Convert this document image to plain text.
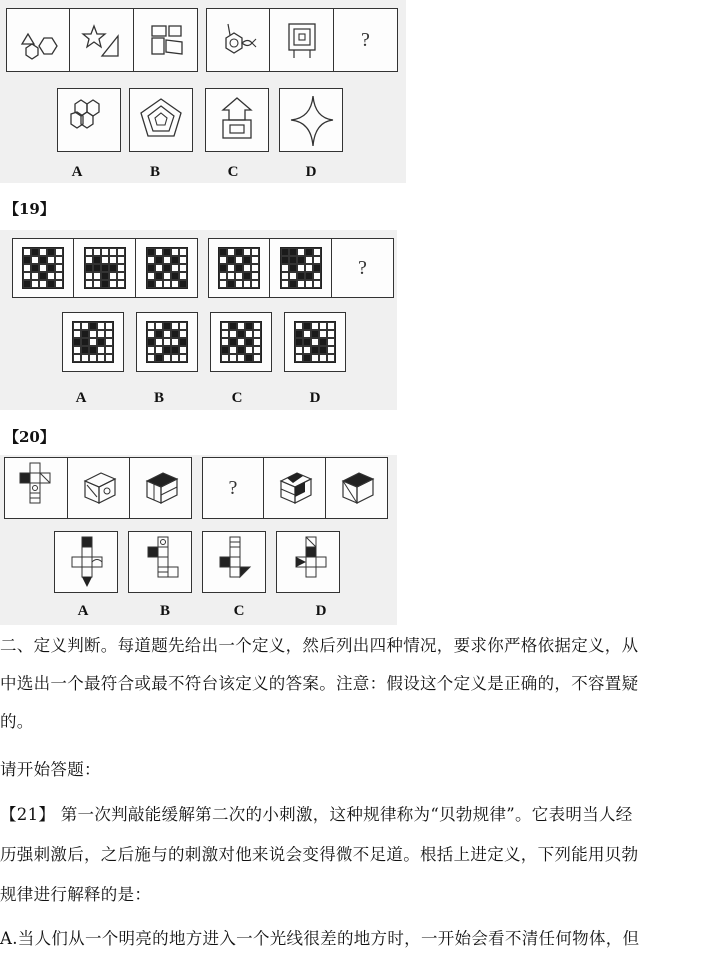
?
A	B	C	D
【19】
?
A	B	C	D
【20】
?
A	B	C	D
二、定义判断。每道题先给出一个定义，然后列出四种情况，要求你严格依据定义，从
中选出一个最符合或最不符台该定义的答案。注意：假设这个定义是正确的，不容置疑
的。
请开始答题：
【21】 第一次判敲能缓解第二次的小刺激，这种规律称为“贝勃规律”。它表明当人经
历强刺激后，之后施与的刺激对他来说会变得微不足道。根括上进定义，下列能用贝勃
规律进行解释的是：
A.当人们从一个明亮的地方进入一个光线很差的地方时，一开始会看不清任何物体，但
